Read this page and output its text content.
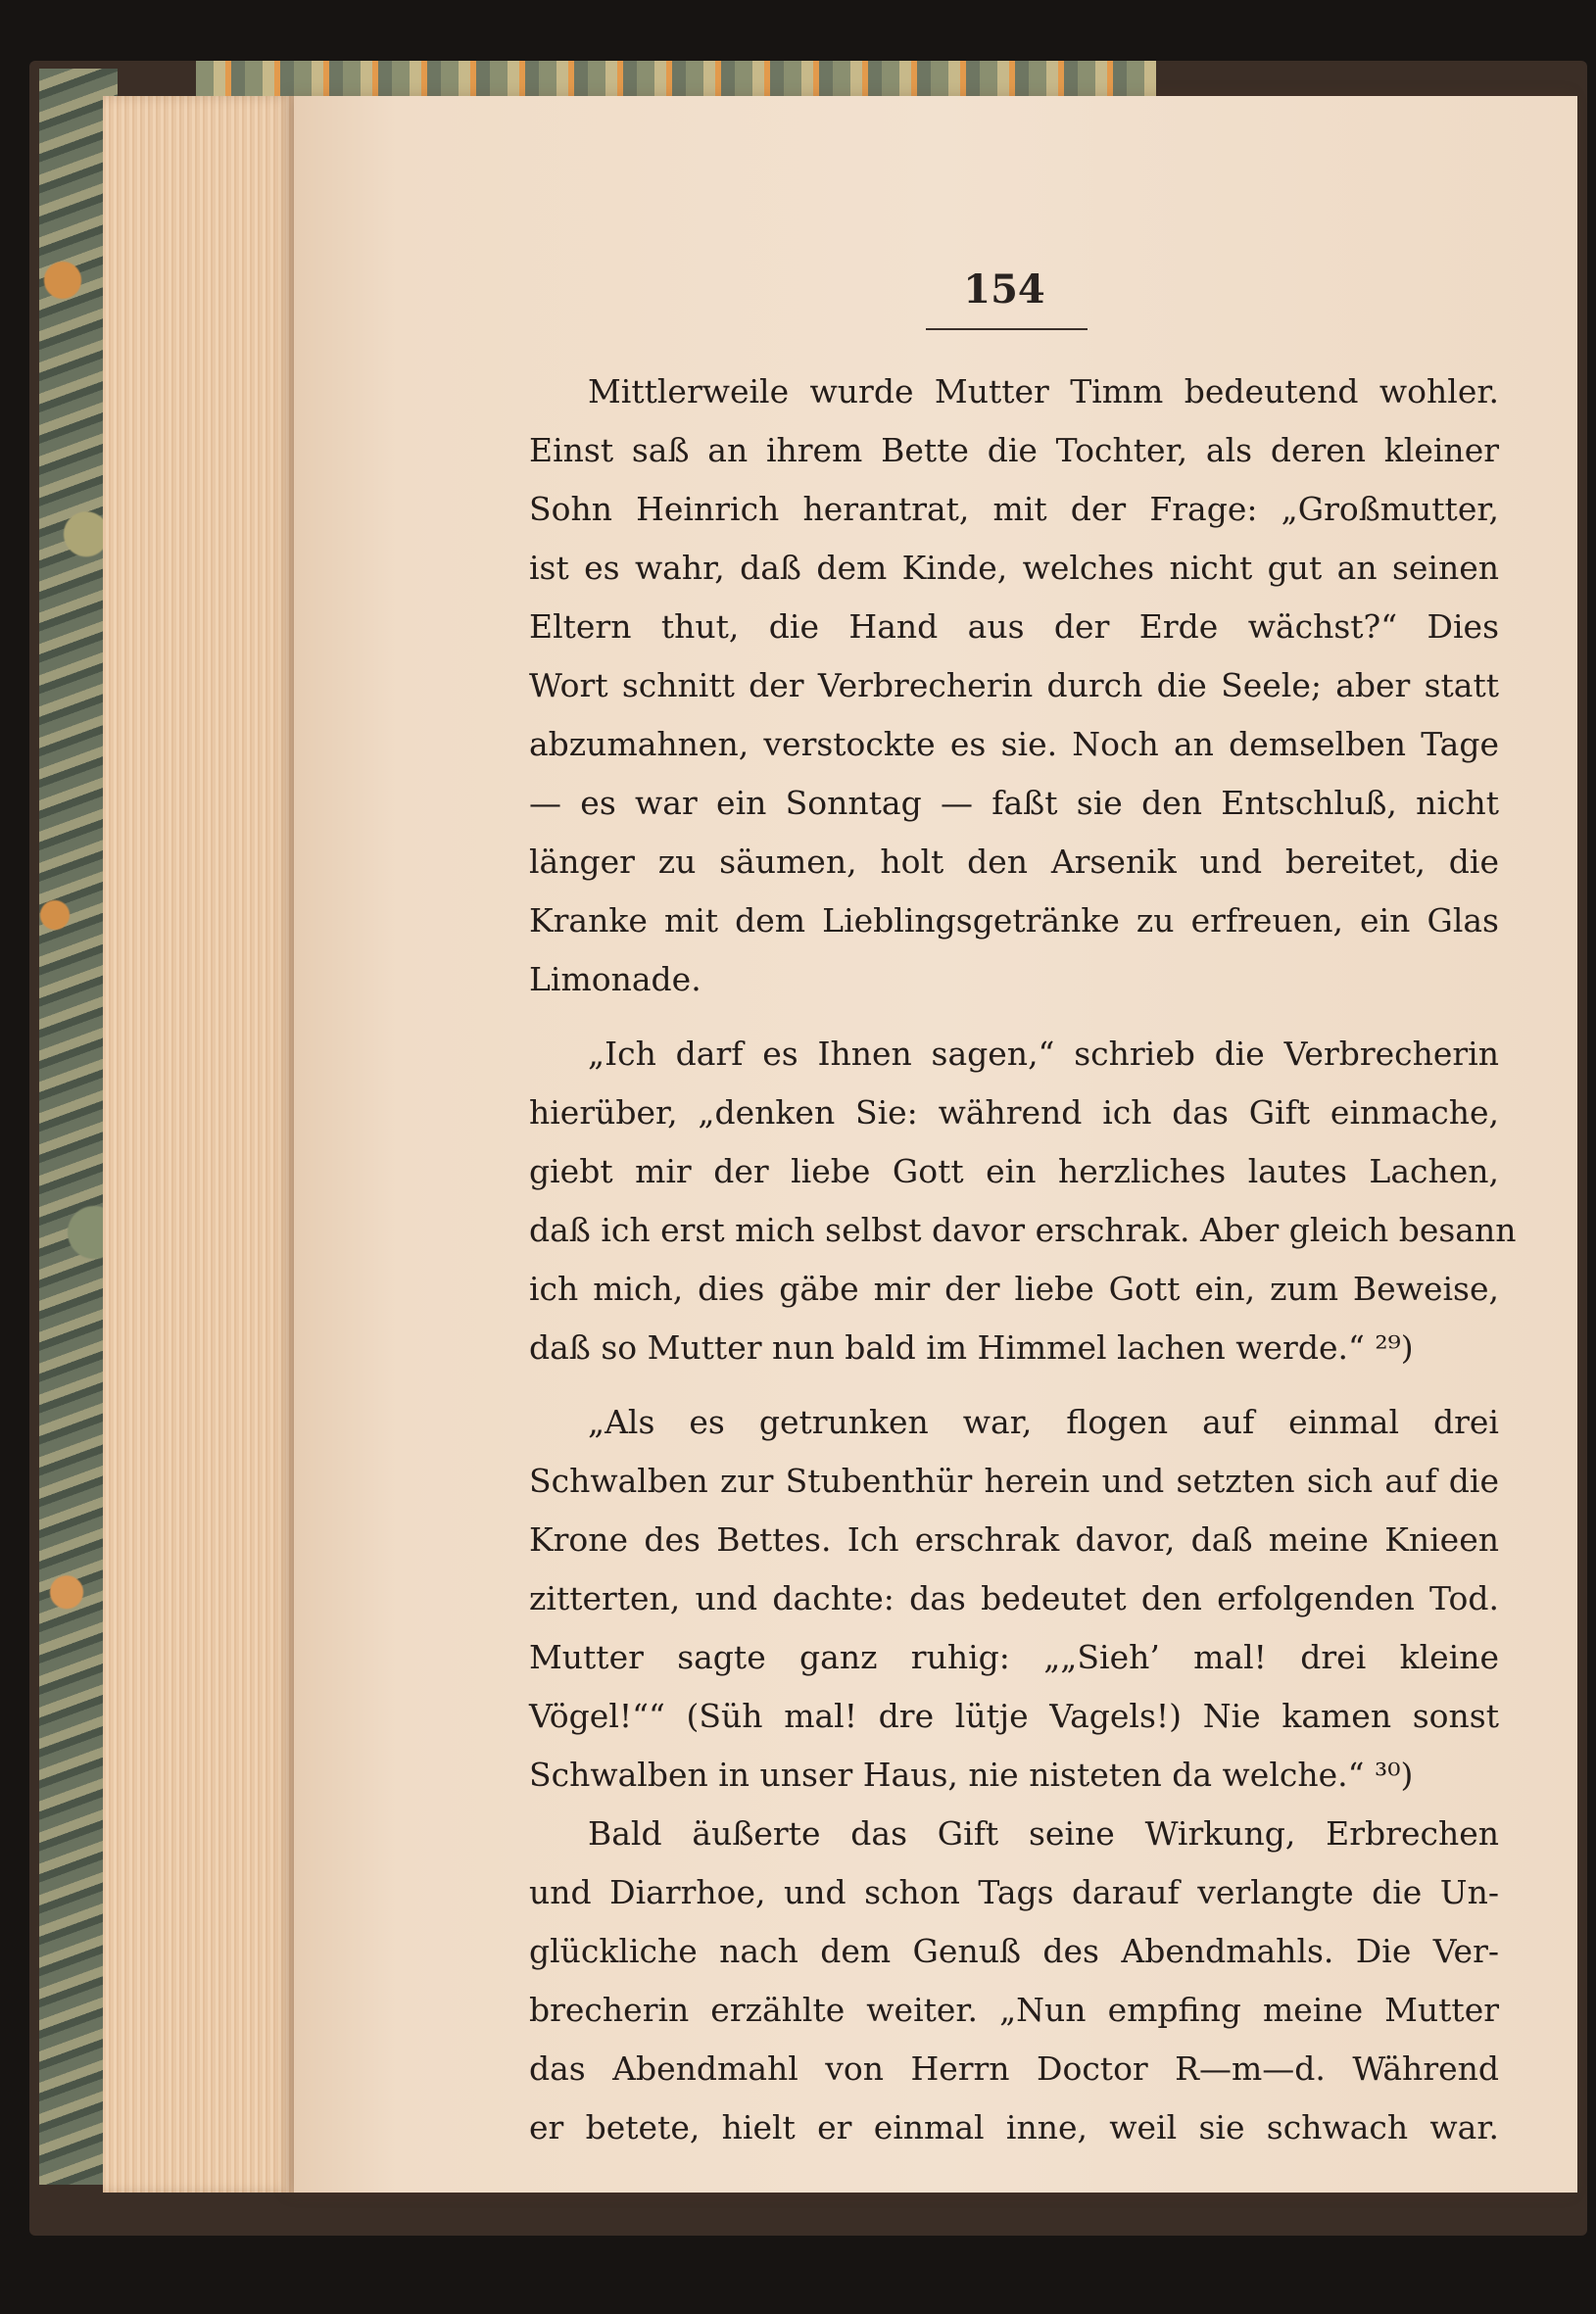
154
Mittlerweile wurde Mutter Timm bedeutend wohler.
Einst saß an ihrem Bette die Tochter, als deren kleiner
Sohn Heinrich herantrat, mit der Frage: „Großmutter,
ist es wahr, daß dem Kinde, welches nicht gut an seinen
Eltern thut, die Hand aus der Erde wächst?“ Dies
Wort schnitt der Verbrecherin durch die Seele; aber statt
abzumahnen, verstockte es sie. Noch an demselben Tage
— es war ein Sonntag — faßt sie den Entschluß, nicht
länger zu säumen, holt den Arsenik und bereitet, die
Kranke mit dem Lieblingsgetränke zu erfreuen, ein Glas
Limonade.
„Ich darf es Ihnen sagen,“ schrieb die Verbrecherin
hierüber, „denken Sie: während ich das Gift einmache,
giebt mir der liebe Gott ein herzliches lautes Lachen,
daß ich erst mich selbst davor erschrak. Aber gleich besann
ich mich, dies gäbe mir der liebe Gott ein, zum Beweise,
daß so Mutter nun bald im Himmel lachen werde.“ ²⁹)
„Als es getrunken war, flogen auf einmal drei
Schwalben zur Stubenthür herein und setzten sich auf die
Krone des Bettes. Ich erschrak davor, daß meine Knieen
zitterten, und dachte: das bedeutet den erfolgenden Tod.
Mutter sagte ganz ruhig: „„Sieh’ mal! drei kleine
Vögel!““ (Süh mal! dre lütje Vagels!) Nie kamen sonst
Schwalben in unser Haus, nie nisteten da welche.“ ³⁰)
Bald äußerte das Gift seine Wirkung, Erbrechen
und Diarrhoe, und schon Tags darauf verlangte die Un-
glückliche nach dem Genuß des Abendmahls. Die Ver-
brecherin erzählte weiter. „Nun empfing meine Mutter
das Abendmahl von Herrn Doctor R—m—d. Während
er betete, hielt er einmal inne, weil sie schwach war.
